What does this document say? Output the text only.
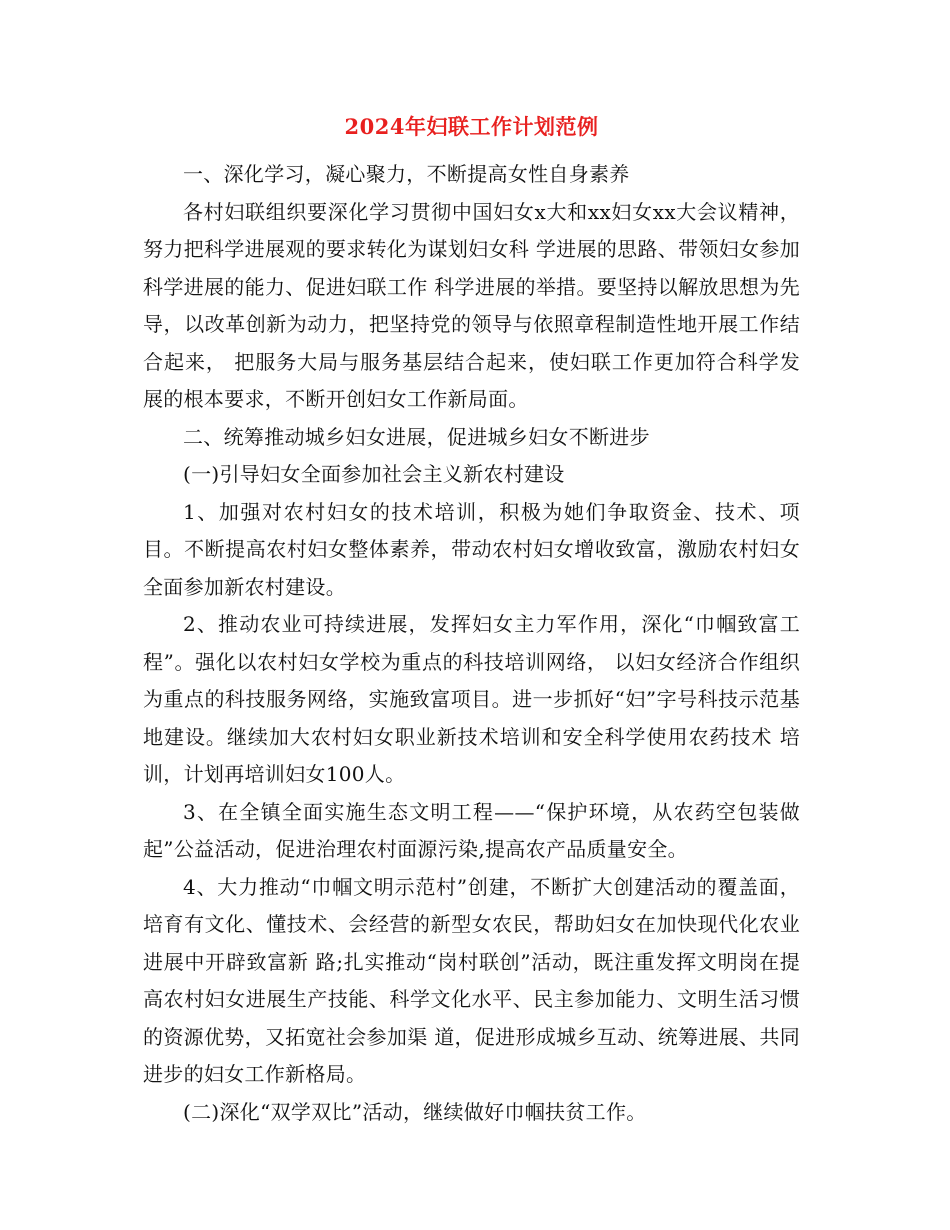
2024年妇联工作计划范例

一、深化学习，凝心聚力，不断提高女性自身素养

各村妇联组织要深化学习贯彻中国妇女x大和xx妇女xx大会议精神，努力把科学进展观的要求转化为谋划妇女科 学进展的思路、带领妇女参加科学进展的能力、促进妇联工作 科学进展的举措。要坚持以解放思想为先导，以改革创新为动力，把坚持党的领导与依照章程制造性地开展工作结合起来， 把服务大局与服务基层结合起来，使妇联工作更加符合科学发 展的根本要求，不断开创妇女工作新局面。

二、统筹推动城乡妇女进展，促进城乡妇女不断进步

(一)引导妇女全面参加社会主义新农村建设

1、加强对农村妇女的技术培训，积极为她们争取资金、技术、项目。不断提高农村妇女整体素养，带动农村妇女增收致富，激励农村妇女全面参加新农村建设。

2、推动农业可持续进展，发挥妇女主力军作用，深化“巾帼致富工程”。强化以农村妇女学校为重点的科技培训网络， 以妇女经济合作组织为重点的科技服务网络，实施致富项目。进一步抓好“妇”字号科技示范基地建设。继续加大农村妇女职业新技术培训和安全科学使用农药技术 培训，计划再培训妇女100人。

3、在全镇全面实施生态文明工程——“保护环境，从农药空包装做起”公益活动，促进治理农村面源污染,提高农产品质量安全。

4、大力推动“巾帼文明示范村”创建，不断扩大创建活动的覆盖面，培育有文化、懂技术、会经营的新型女农民，帮助妇女在加快现代化农业进展中开辟致富新 路;扎实推动“岗村联创”活动，既注重发挥文明岗在提高农村妇女进展生产技能、科学文化水平、民主参加能力、文明生活习惯的资源优势，又拓宽社会参加渠 道，促进形成城乡互动、统筹进展、共同进步的妇女工作新格局。

(二)深化“双学双比”活动，继续做好巾帼扶贫工作。
